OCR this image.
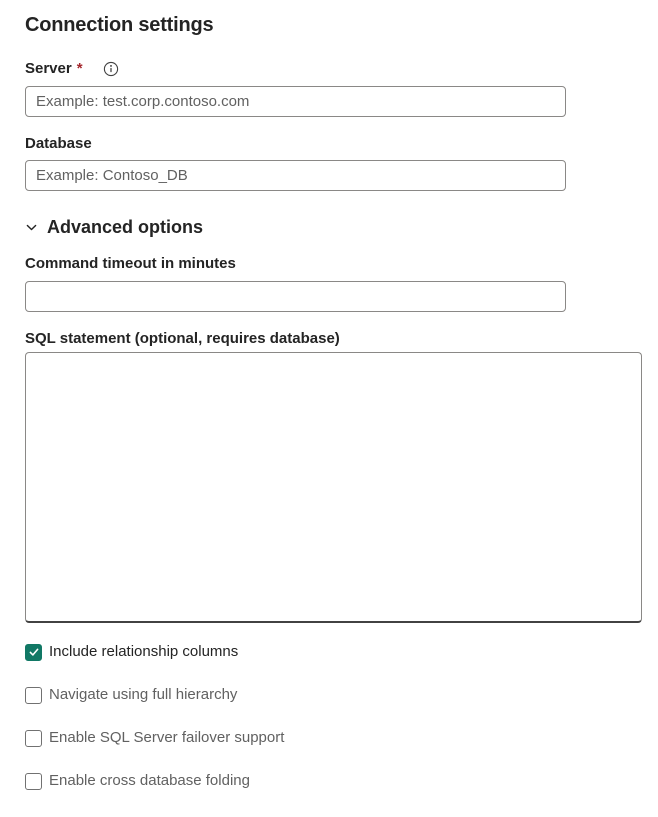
Connection settings
Server *
Example: test.corp.contoso.com
Database
Example: Contoso_DB
Advanced options
Command timeout in minutes
SQL statement (optional, requires database)
Include relationship columns
Navigate using full hierarchy
Enable SQL Server failover support
Enable cross database folding
